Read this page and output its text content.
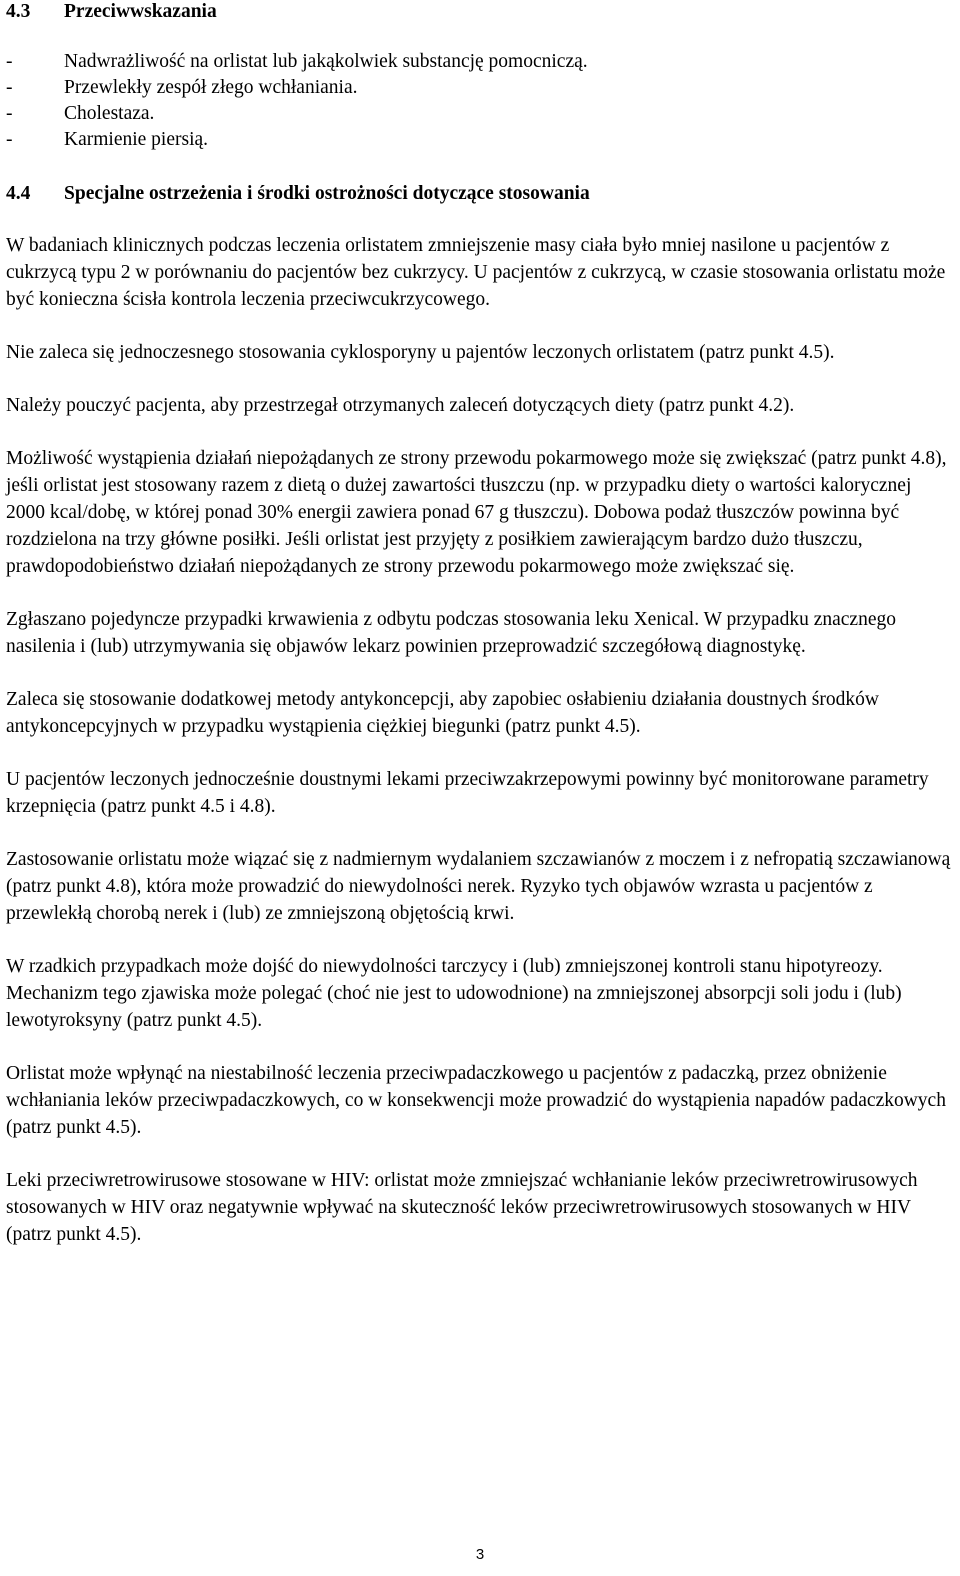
4.3 Przeciwwskazania
-	Nadwrażliwość na orlistat lub jakąkolwiek substancję pomocniczą.
-	Przewlekły zespół złego wchłaniania.
-	Cholestaza.
-	Karmienie piersią.
4.4 Specjalne ostrzeżenia i środki ostrożności dotyczące stosowania

W badaniach klinicznych podczas leczenia orlistatem zmniejszenie masy ciała było mniej nasilone u pacjentów z cukrzycą typu 2 w porównaniu do pacjentów bez cukrzycy. U pacjentów z cukrzycą, w czasie stosowania orlistatu może być konieczna ścisła kontrola leczenia przeciwcukrzycowego.

Nie zaleca się jednoczesnego stosowania cyklosporyny u pajentów leczonych orlistatem (patrz punkt 4.5).

Należy pouczyć pacjenta, aby przestrzegał otrzymanych zaleceń dotyczących diety (patrz punkt 4.2).

Możliwość wystąpienia działań niepożądanych ze strony przewodu pokarmowego może się zwiększać (patrz punkt 4.8), jeśli orlistat jest stosowany razem z dietą o dużej zawartości tłuszczu (np. w przypadku diety o wartości kalorycznej 2000 kcal/dobę, w której ponad 30% energii zawiera ponad 67 g tłuszczu). Dobowa podaż tłuszczów powinna być rozdzielona na trzy główne posiłki. Jeśli orlistat jest przyjęty z posiłkiem zawierającym bardzo dużo tłuszczu, prawdopodobieństwo działań niepożądanych ze strony przewodu pokarmowego może zwiększać się.

Zgłaszano pojedyncze przypadki krwawienia z odbytu podczas stosowania leku Xenical. W przypadku znacznego nasilenia i (lub) utrzymywania się objawów lekarz powinien przeprowadzić szczegółową diagnostykę.

Zaleca się stosowanie dodatkowej metody antykoncepcji, aby zapobiec osłabieniu działania doustnych środków antykoncepcyjnych w przypadku wystąpienia ciężkiej biegunki (patrz punkt 4.5).

U pacjentów leczonych jednocześnie doustnymi lekami przeciwzakrzepowymi powinny być monitorowane parametry krzepnięcia (patrz punkt 4.5 i 4.8).

Zastosowanie orlistatu może wiązać się z nadmiernym wydalaniem szczawianów z moczem i z nefropatią szczawianową (patrz punkt 4.8), która może prowadzić do niewydolności nerek. Ryzyko tych objawów wzrasta u pacjentów z przewlekłą chorobą nerek i (lub) ze zmniejszoną objętością krwi.

W rzadkich przypadkach może dojść do niewydolności tarczycy i (lub) zmniejszonej kontroli stanu hipotyreozy. Mechanizm tego zjawiska może polegać (choć nie jest to udowodnione) na zmniejszonej absorpcji soli jodu i (lub) lewotyroksyny (patrz punkt 4.5).

Orlistat może wpłynąć na niestabilność leczenia przeciwpadaczkowego u pacjentów z padaczką, przez obniżenie wchłaniania leków przeciwpadaczkowych, co w konsekwencji może prowadzić do wystąpienia napadów padaczkowych (patrz punkt 4.5).

Leki przeciwretrowirusowe stosowane w HIV: orlistat może zmniejszać wchłanianie leków przeciwretrowirusowych stosowanych w HIV oraz negatywnie wpływać na skuteczność leków przeciwretrowirusowych stosowanych w HIV (patrz punkt 4.5).

3
